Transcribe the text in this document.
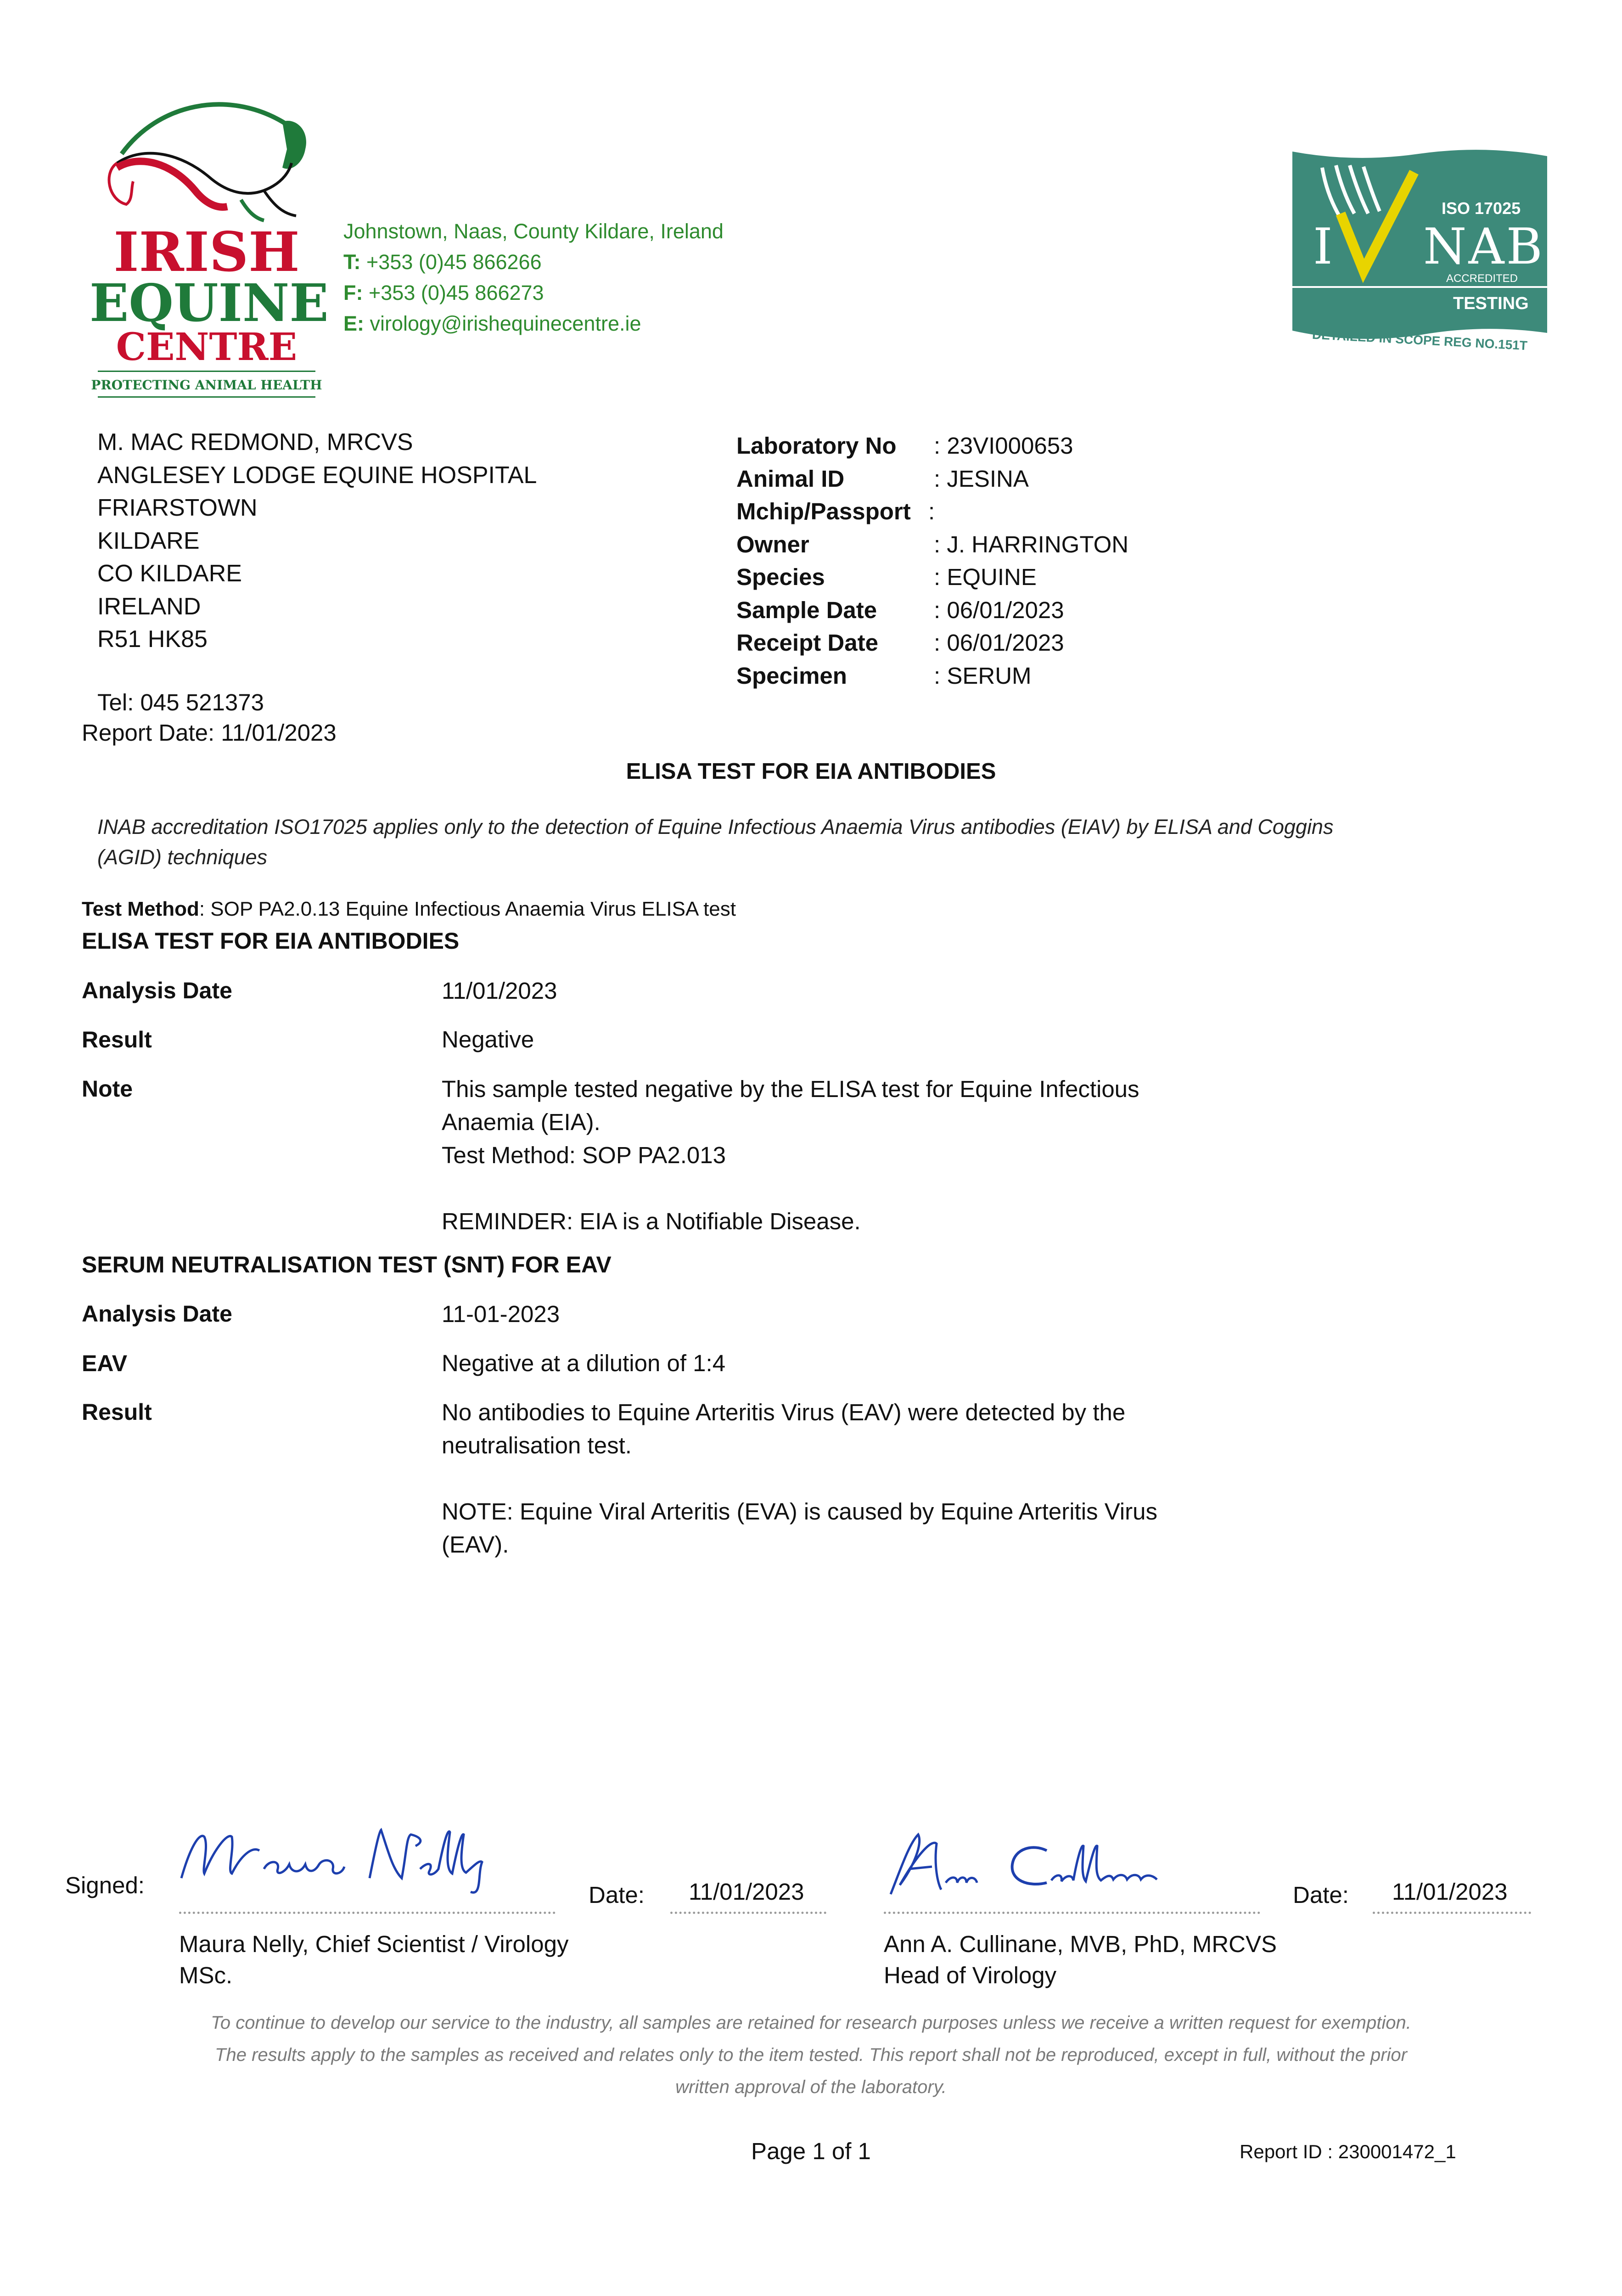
IRISH
EQUINE
CENTRE
PROTECTING ANIMAL HEALTH
Johnstown, Naas, County Kildare, Ireland
T: +353 (0)45 866266
F: +353 (0)45 866273
E: virology@irishequinecentre.ie
ISO 17025
I NAB
ACCREDITED
TESTING
DETAILED IN SCOPE REG NO.151T
M. MAC REDMOND, MRCVS
ANGLESEY LODGE EQUINE HOSPITAL
FRIARSTOWN
KILDARE
CO KILDARE
IRELAND
R51 HK85
Laboratory No	: 23VI000653
Animal ID	: JESINA
Mchip/Passport :
Owner	: J. HARRINGTON
Species	: EQUINE
Sample Date	: 06/01/2023
Receipt Date	: 06/01/2023
Specimen	: SERUM
Tel: 045 521373
Report Date: 11/01/2023
ELISA TEST FOR EIA ANTIBODIES
INAB accreditation ISO17025 applies only to the detection of Equine Infectious Anaemia Virus antibodies (EIAV) by ELISA and Coggins (AGID) techniques
Test Method: SOP PA2.0.13 Equine Infectious Anaemia Virus ELISA test
ELISA TEST FOR EIA ANTIBODIES
Analysis Date	11/01/2023
Result	Negative
Note	This sample tested negative by the ELISA test for Equine Infectious
Anaemia (EIA).
Test Method: SOP PA2.013
REMINDER: EIA is a Notifiable Disease.
SERUM NEUTRALISATION TEST (SNT) FOR EAV
Analysis Date	11-01-2023
EAV	Negative at a dilution of 1:4
Result	No antibodies to Equine Arteritis Virus (EAV) were detected by the
neutralisation test.
NOTE: Equine Viral Arteritis (EVA) is caused by Equine Arteritis Virus
(EAV).
Signed:	Date: 11/01/2023
Maura Nelly, Chief Scientist / Virology
MSc.
Date: 11/01/2023
Ann A. Cullinane, MVB, PhD, MRCVS
Head of Virology
To continue to develop our service to the industry, all samples are retained for research purposes unless we receive a written request for exemption.
The results apply to the samples as received and relates only to the item tested. This report shall not be reproduced, except in full, without the prior
written approval of the laboratory.
Page 1 of 1	Report ID : 230001472_1
